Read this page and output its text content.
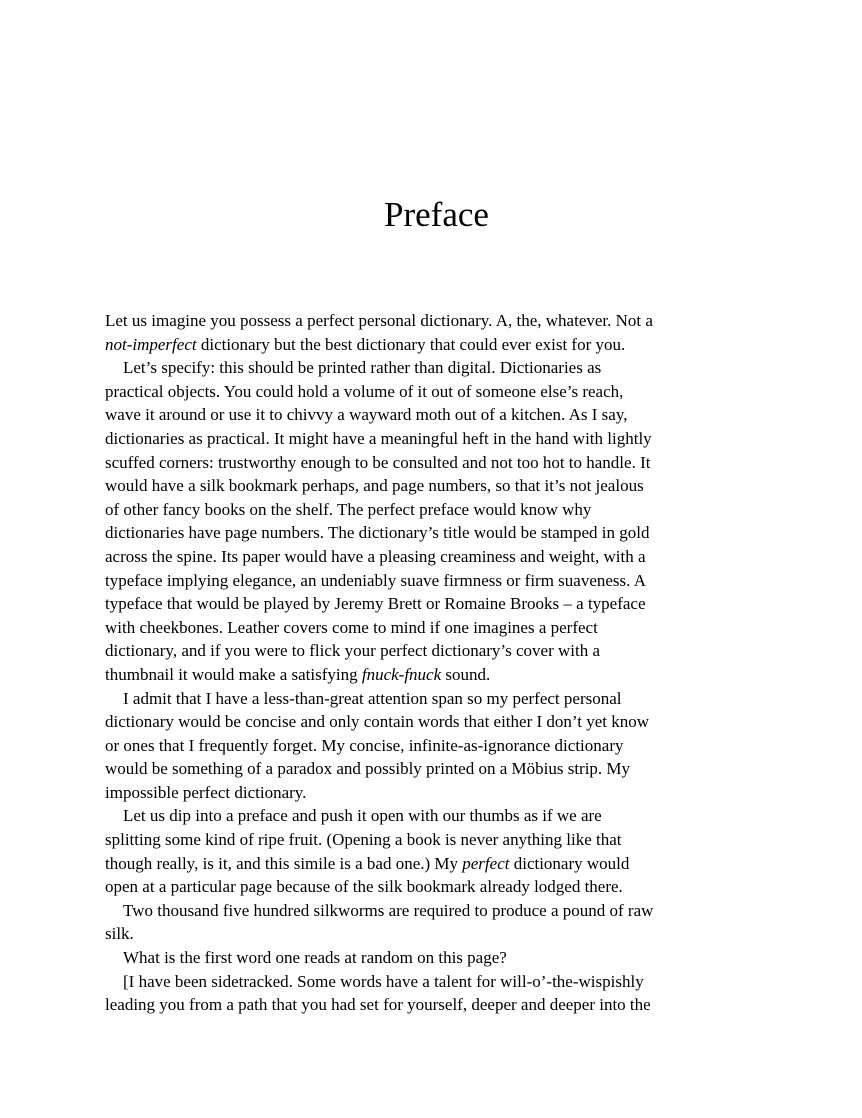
Preface
Let us imagine you possess a perfect personal dictionary. A, the, whatever. Not a
not-imperfect dictionary but the best dictionary that could ever exist for you.
Let’s specify: this should be printed rather than digital. Dictionaries as
practical objects. You could hold a volume of it out of someone else’s reach,
wave it around or use it to chivvy a wayward moth out of a kitchen. As I say,
dictionaries as practical. It might have a meaningful heft in the hand with lightly
scuffed corners: trustworthy enough to be consulted and not too hot to handle. It
would have a silk bookmark perhaps, and page numbers, so that it’s not jealous
of other fancy books on the shelf. The perfect preface would know why
dictionaries have page numbers. The dictionary’s title would be stamped in gold
across the spine. Its paper would have a pleasing creaminess and weight, with a
typeface implying elegance, an undeniably suave firmness or firm suaveness. A
typeface that would be played by Jeremy Brett or Romaine Brooks – a typeface
with cheekbones. Leather covers come to mind if one imagines a perfect
dictionary, and if you were to flick your perfect dictionary’s cover with a
thumbnail it would make a satisfying fnuck-fnuck sound.
I admit that I have a less-than-great attention span so my perfect personal
dictionary would be concise and only contain words that either I don’t yet know
or ones that I frequently forget. My concise, infinite-as-ignorance dictionary
would be something of a paradox and possibly printed on a Möbius strip. My
impossible perfect dictionary.
Let us dip into a preface and push it open with our thumbs as if we are
splitting some kind of ripe fruit. (Opening a book is never anything like that
though really, is it, and this simile is a bad one.) My perfect dictionary would
open at a particular page because of the silk bookmark already lodged there.
Two thousand five hundred silkworms are required to produce a pound of raw
silk.
What is the first word one reads at random on this page?
[I have been sidetracked. Some words have a talent for will-o’-the-wispishly
leading you from a path that you had set for yourself, deeper and deeper into the
